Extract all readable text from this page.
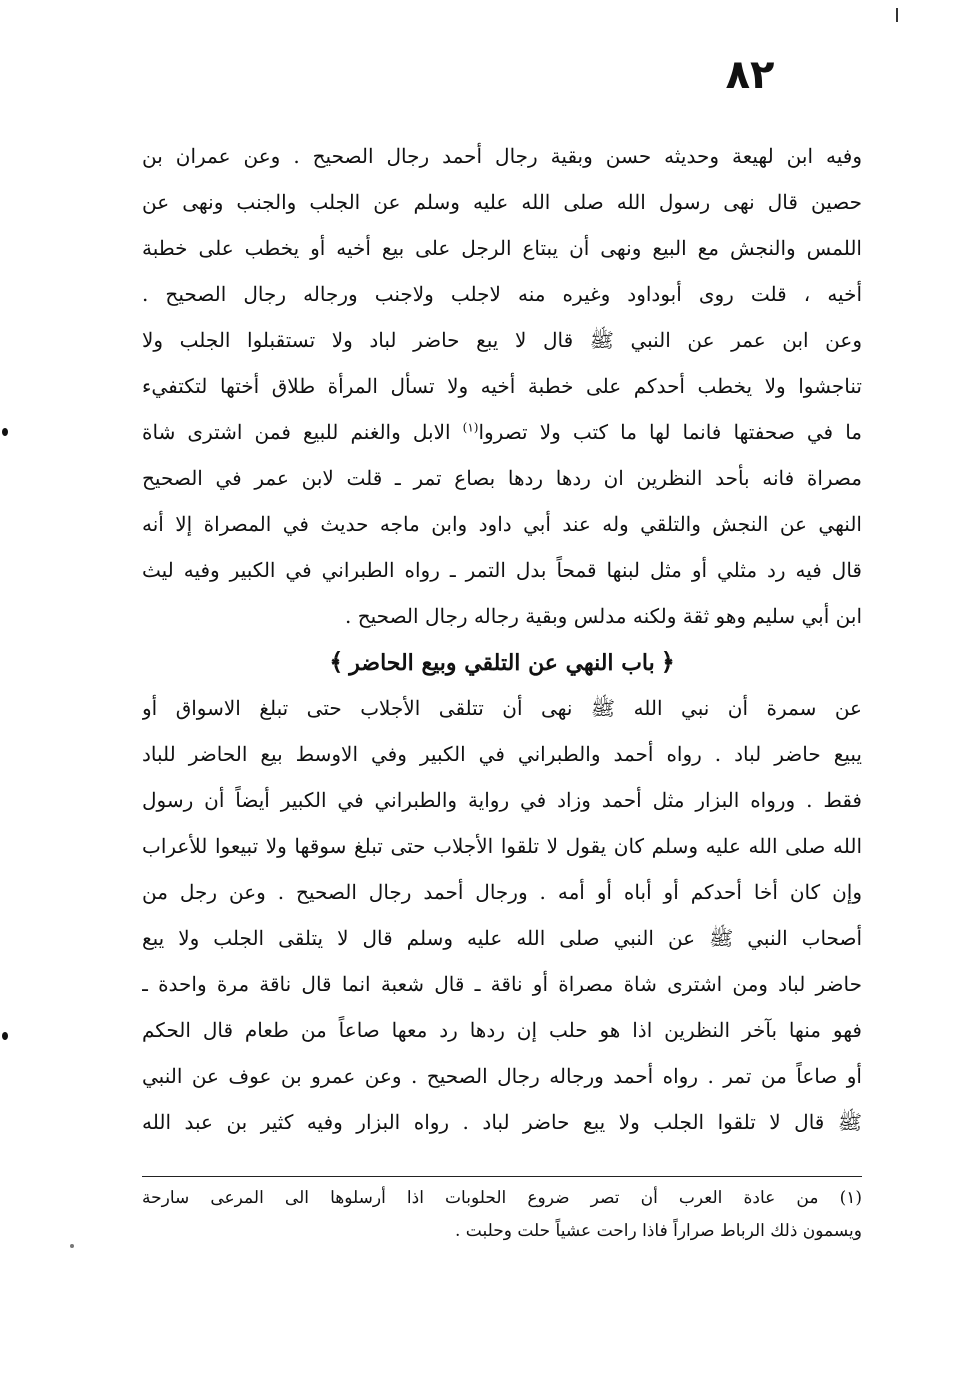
٨٢
وفيه ابن لهيعة وحديثه حسن وبقية رجال أحمد رجال الصحيح . وعن عمران بن
حصين قال نهى رسول الله صلى الله عليه وسلم عن الجلب والجنب ونهى عن
اللمس والنجش مع البيع ونهى أن يبتاع الرجل على بيع أخيه أو يخطب على خطبة
أخيه ، قلت روى أبوداود وغيره منه لاجلب ولاجنب ورجاله رجال الصحيح .
وعن ابن عمر عن النبي ﷺ قال لا يبع حاضر لباد ولا تستقبلوا الجلب ولا
تناجشوا ولا يخطب أحدكم على خطبة أخيه ولا تسأل المرأة طلاق أختها لتكتفيء
ما في صحفتها فانما لها ما كتب ولا تصروا$^{(١)}$ الابل والغنم للبيع فمن اشترى شاة
مصراة فانه بأحد النظرين ان ردها ردها بصاع تمر ـ قلت لابن عمر في الصحيح
النهي عن النجش والتلقي وله عند أبي داود وابن ماجه حديث في المصراة إلا أنه
قال فيه رد مثلي أو مثل لبنها قمحاً بدل التمر ـ رواه الطبراني في الكبير وفيه ليث
ابن أبي سليم وهو ثقة ولكنه مدلس وبقية رجاله رجال الصحيح .
﴿باب النهي عن التلقي وبيع الحاضر﴾
عن سمرة أن نبي الله ﷺ نهى أن تتلقى الأجلاب حتى تبلغ الاسواق أو
يبيع حاضر لباد . رواه أحمد والطبراني في الكبير وفي الاوسط بيع الحاضر للباد
فقط . ورواه البزار مثل أحمد وزاد في رواية والطبراني في الكبير أيضاً أن رسول
الله صلى الله عليه وسلم كان يقول لا تلقوا الأجلاب حتى تبلغ سوقها ولا تبيعوا للأعراب
وإن كان أخا أحدكم أو أباه أو أمه . ورجال أحمد رجال الصحيح . وعن رجل من
أصحاب النبي ﷺ عن النبي صلى الله عليه وسلم قال لا يتلقى الجلب ولا يبع
حاضر لباد ومن اشترى شاة مصراة أو ناقة ـ قال شعبة انما قال ناقة مرة واحدة ـ
فهو منها بآخر النظرين اذا هو حلب إن ردها رد معها صاعاً من طعام قال الحكم
أو صاعاً من تمر . رواه أحمد ورجاله رجال الصحيح . وعن عمرو بن عوف عن النبي
ﷺ قال لا تلقوا الجلب ولا يبع حاضر لباد . رواه البزار وفيه كثير بن عبد الله
(١) من عادة العرب أن تصر ضروع الحلوبات اذا أرسلوها الى المرعى سارحة
ويسمون ذلك الرباط صراراً فاذا راحت عشياً حلت وحلبت .
